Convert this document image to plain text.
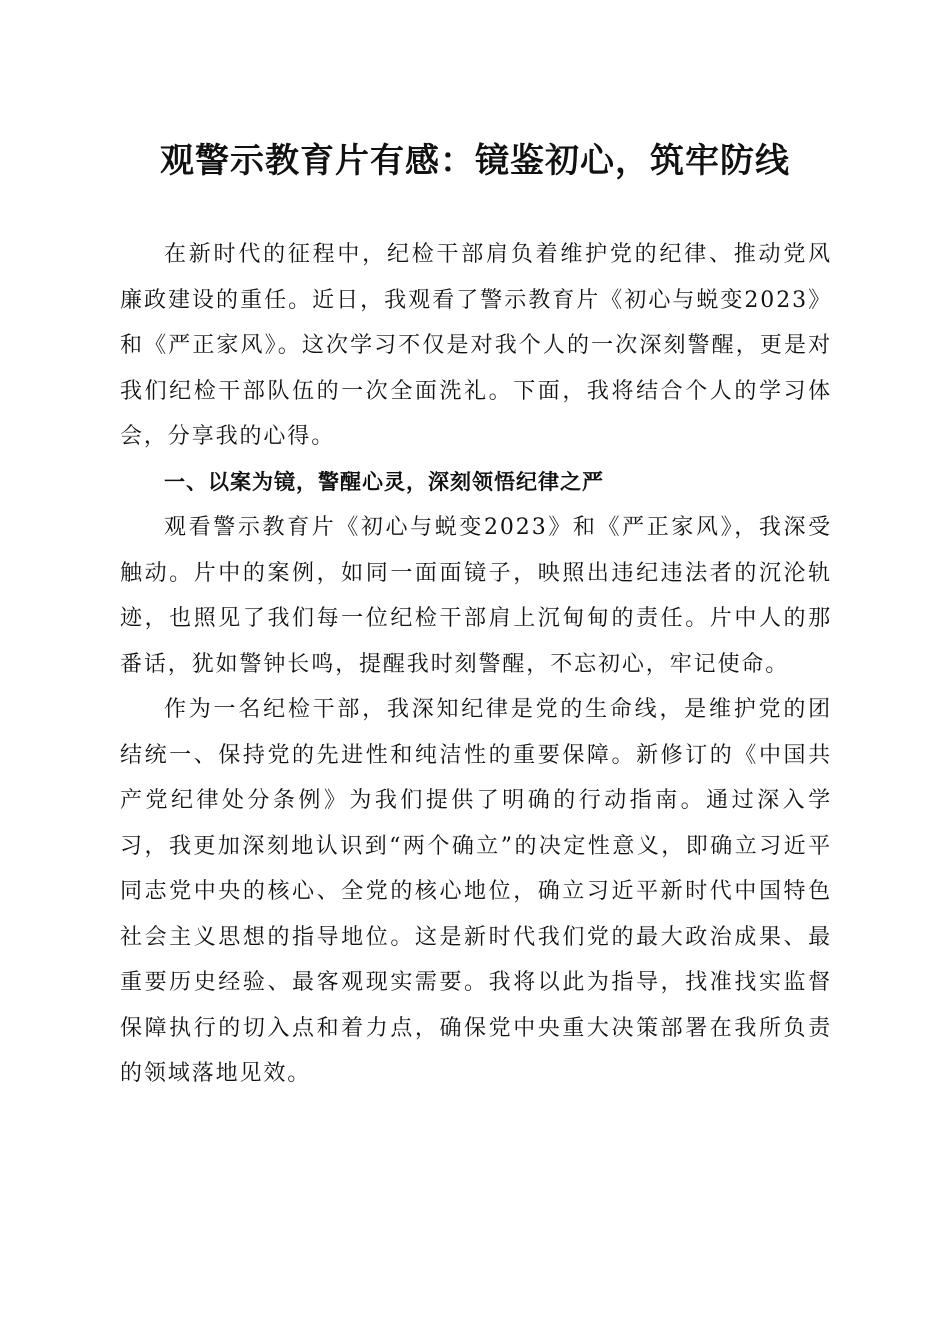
观警示教育片有感：镜鉴初心，筑牢防线

在新时代的征程中，纪检干部肩负着维护党的纪律、推动党风廉政建设的重任。近日，我观看了警示教育片《初心与蜕变2023》和《严正家风》。这次学习不仅是对我个人的一次深刻警醒，更是对我们纪检干部队伍的一次全面洗礼。下面，我将结合个人的学习体会，分享我的心得。

一、以案为镜，警醒心灵，深刻领悟纪律之严

观看警示教育片《初心与蜕变2023》和《严正家风》，我深受触动。片中的案例，如同一面面镜子，映照出违纪违法者的沉沦轨迹，也照见了我们每一位纪检干部肩上沉甸甸的责任。片中人的那番话，犹如警钟长鸣，提醒我时刻警醒，不忘初心，牢记使命。

作为一名纪检干部，我深知纪律是党的生命线，是维护党的团结统一、保持党的先进性和纯洁性的重要保障。新修订的《中国共产党纪律处分条例》为我们提供了明确的行动指南。通过深入学习，我更加深刻地认识到“两个确立”的决定性意义，即确立习近平同志党中央的核心、全党的核心地位，确立习近平新时代中国特色社会主义思想的指导地位。这是新时代我们党的最大政治成果、最重要历史经验、最客观现实需要。我将以此为指导，找准找实监督保障执行的切入点和着力点，确保党中央重大决策部署在我所负责的领域落地见效。
